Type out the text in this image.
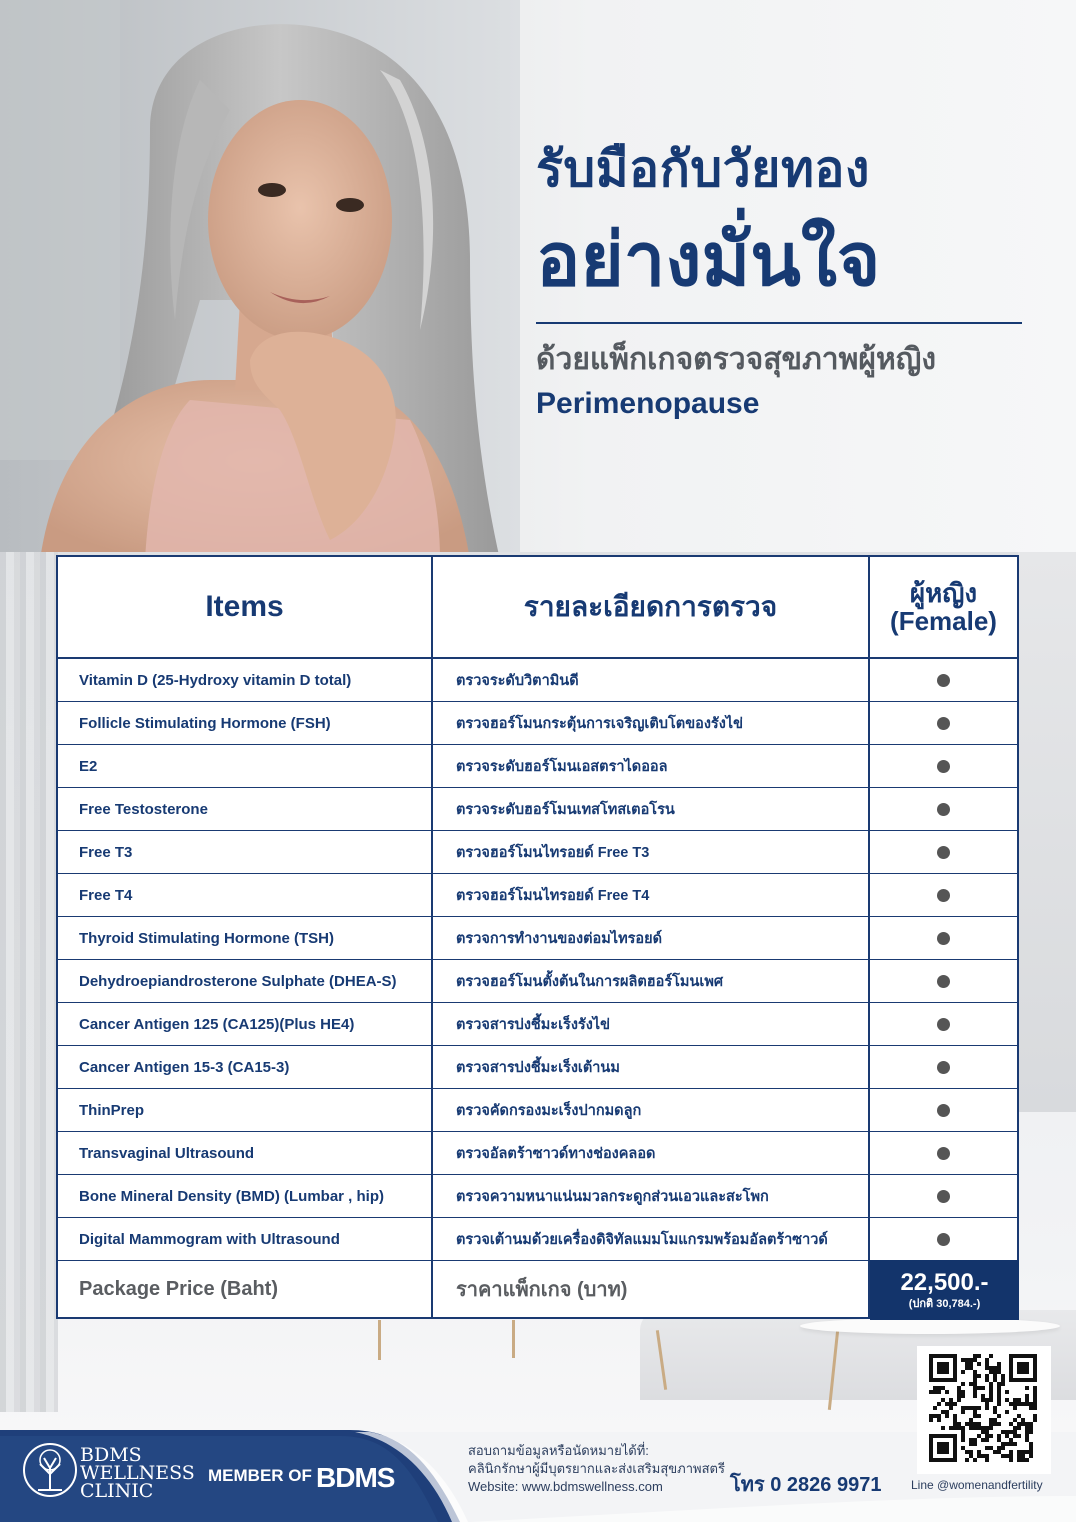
รับมือกับวัยทอง
อย่างมั่นใจ
ด้วยแพ็กเกจตรวจสุขภาพผู้หญิง
Perimenopause
Items	รายละเอียดการตรวจ	ผู้หญิง
(Female)
Vitamin D (25-Hydroxy vitamin D total)	ตรวจระดับวิตามินดี
Follicle Stimulating Hormone (FSH)	ตรวจฮอร์โมนกระตุ้นการเจริญเติบโตของรังไข่
E2	ตรวจระดับฮอร์โมนเอสตราไดออล
Free Testosterone	ตรวจระดับฮอร์โมนเทสโทสเตอโรน
Free T3	ตรวจฮอร์โมนไทรอยด์ Free T3
Free T4	ตรวจฮอร์โมนไทรอยด์ Free T4
Thyroid Stimulating Hormone (TSH)	ตรวจการทำงานของต่อมไทรอยด์
Dehydroepiandrosterone Sulphate (DHEA-S)	ตรวจฮอร์โมนตั้งต้นในการผลิตฮอร์โมนเพศ
Cancer Antigen 125 (CA125)(Plus HE4)	ตรวจสารบ่งชี้มะเร็งรังไข่
Cancer Antigen 15-3 (CA15-3)	ตรวจสารบ่งชี้มะเร็งเต้านม
ThinPrep	ตรวจคัดกรองมะเร็งปากมดลูก
Transvaginal Ultrasound	ตรวจอัลตร้าซาวด์ทางช่องคลอด
Bone Mineral Density (BMD) (Lumbar , hip)	ตรวจความหนาแน่นมวลกระดูกส่วนเอวและสะโพก
Digital Mammogram with Ultrasound	ตรวจเต้านมด้วยเครื่องดิจิทัลแมมโมแกรมพร้อมอัลตร้าซาวด์
Package Price (Baht)	ราคาแพ็กเกจ (บาท)	22,500.-
(ปกติ 30,784.-)
BDMS
WELLNESS
CLINIC
MEMBER OF BDMS
สอบถามข้อมูลหรือนัดหมายได้ที่:
คลินิกรักษาผู้มีบุตรยากและส่งเสริมสุขภาพสตรี
Website: www.bdmswellness.com	โทร 0 2826 9971 Line @womenandfertility
